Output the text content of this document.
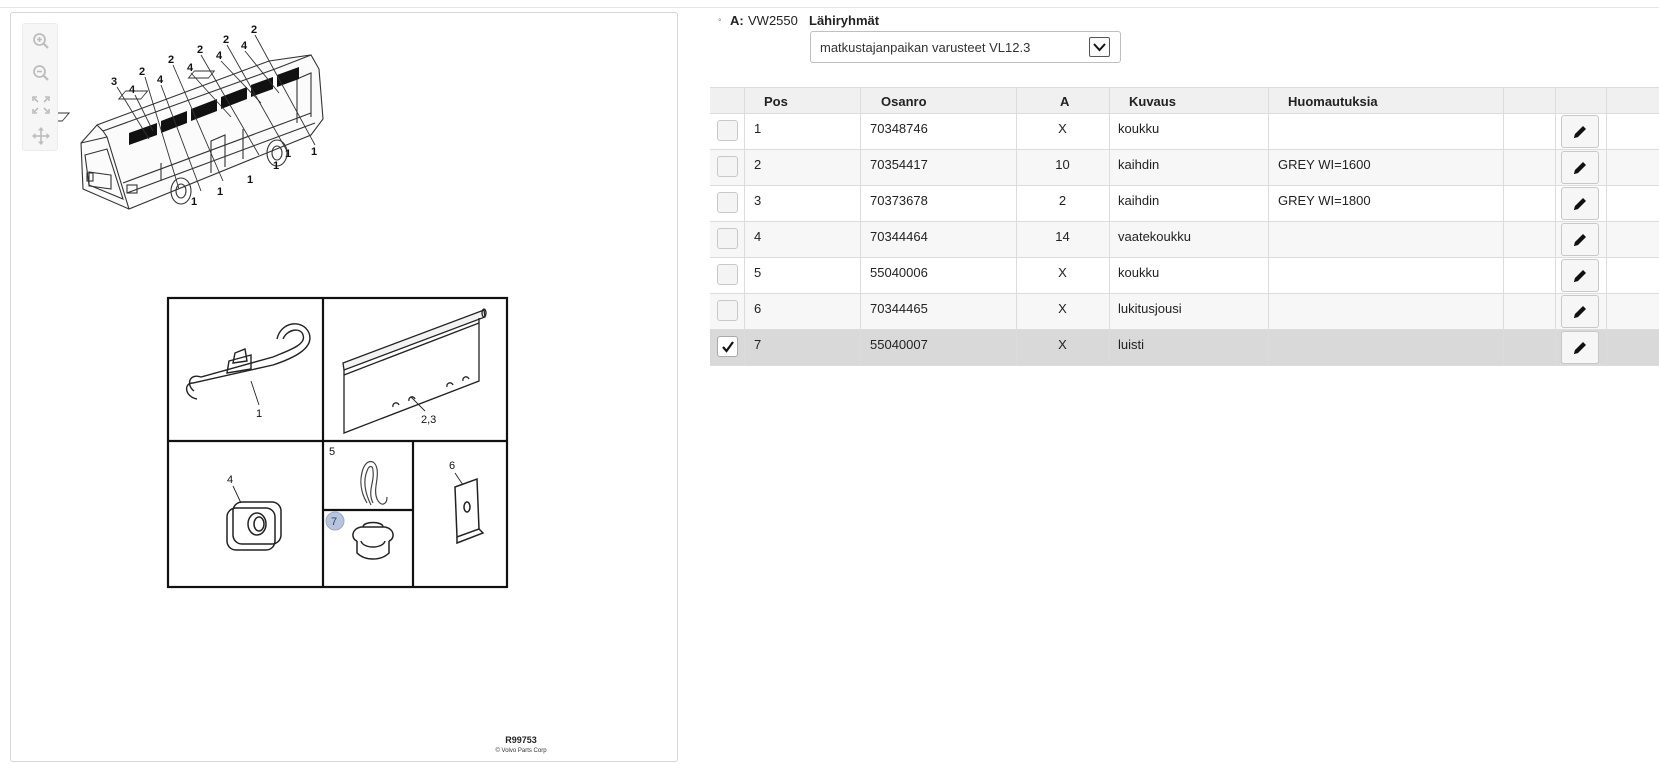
3
4
2
4
2
4
2 4
2 4
2
1
1
1
1
1 1
1	2,3
4
5
6
7
R99753
© Volvo Parts Corp
◦ A: VW2550 Lähiryhmät
matkustajanpaikan varusteet VL12.3
Pos	Osanro	A	Kuvaus	Huomautuksia
1	70348746	X	koukku
2	70354417	10	kaihdin	GREY WI=1600
3	70373678	2	kaihdin	GREY WI=1800
4	70344464	14	vaatekoukku
5	55040006	X	koukku
6	70344465	X	lukitusjousi
7	55040007	X	luisti
